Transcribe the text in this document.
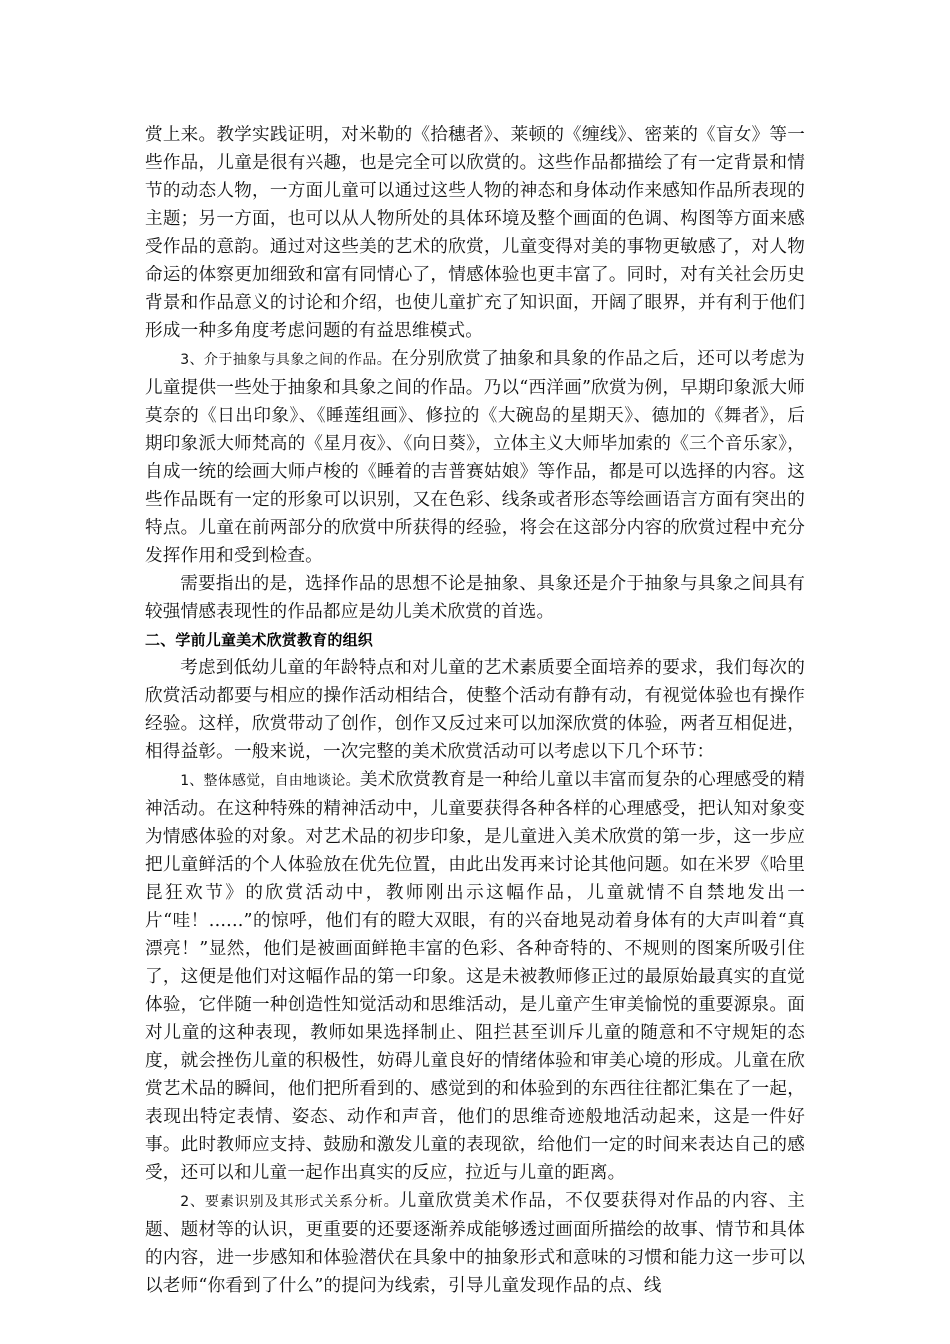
赏上来。教学实践证明，对米勒的《拾穗者》、莱顿的《缠线》、密莱的《盲女》等一些作品，儿童是很有兴趣，也是完全可以欣赏的。这些作品都描绘了有一定背景和情节的动态人物，一方面儿童可以通过这些人物的神态和身体动作来感知作品所表现的主题；另一方面，也可以从人物所处的具体环境及整个画面的色调、构图等方面来感受作品的意韵。通过对这些美的艺术的欣赏，儿童变得对美的事物更敏感了，对人物命运的体察更加细致和富有同情心了，情感体验也更丰富了。同时，对有关社会历史背景和作品意义的讨论和介绍，也使儿童扩充了知识面，开阔了眼界，并有利于他们形成一种多角度考虑问题的有益思维模式。

3、介于抽象与具象之间的作品。在分别欣赏了抽象和具象的作品之后，还可以考虑为儿童提供一些处于抽象和具象之间的作品。乃以“西洋画”欣赏为例，早期印象派大师莫奈的《日出印象》、《睡莲组画》、修拉的《大碗岛的星期天》、德加的《舞者》，后期印象派大师梵高的《星月夜》、《向日葵》，立体主义大师毕加索的《三个音乐家》，自成一统的绘画大师卢梭的《睡着的吉普赛姑娘》等作品，都是可以选择的内容。这些作品既有一定的形象可以识别，又在色彩、线条或者形态等绘画语言方面有突出的特点。儿童在前两部分的欣赏中所获得的经验，将会在这部分内容的欣赏过程中充分发挥作用和受到检查。

需要指出的是，选择作品的思想不论是抽象、具象还是介于抽象与具象之间具有较强情感表现性的作品都应是幼儿美术欣赏的首选。

二、学前儿童美术欣赏教育的组织

考虑到低幼儿童的年龄特点和对儿童的艺术素质要全面培养的要求，我们每次的欣赏活动都要与相应的操作活动相结合，使整个活动有静有动，有视觉体验也有操作经验。这样，欣赏带动了创作，创作又反过来可以加深欣赏的体验，两者互相促进，相得益彰。一般来说，一次完整的美术欣赏活动可以考虑以下几个环节：

1、整体感觉，自由地谈论。美术欣赏教育是一种给儿童以丰富而复杂的心理感受的精神活动。在这种特殊的精神活动中，儿童要获得各种各样的心理感受，把认知对象变为情感体验的对象。对艺术品的初步印象，是儿童进入美术欣赏的第一步，这一步应把儿童鲜活的个人体验放在优先位置，由此出发再来讨论其他问题。如在米罗《哈里昆狂欢节》的欣赏活动中，教师刚出示这幅作品，儿童就情不自禁地发出一片“哇！......”的惊呼，他们有的瞪大双眼，有的兴奋地晃动着身体有的大声叫着“真漂亮！”显然，他们是被画面鲜艳丰富的色彩、各种奇特的、不规则的图案所吸引住了，这便是他们对这幅作品的第一印象。这是未被教师修正过的最原始最真实的直觉体验，它伴随一种创造性知觉活动和思维活动，是儿童产生审美愉悦的重要源泉。面对儿童的这种表现，教师如果选择制止、阻拦甚至训斥儿童的随意和不守规矩的态度，就会挫伤儿童的积极性，妨碍儿童良好的情绪体验和审美心境的形成。儿童在欣赏艺术品的瞬间，他们把所看到的、感觉到的和体验到的东西往往都汇集在了一起，表现出特定表情、姿态、动作和声音，他们的思维奇迹般地活动起来，这是一件好事。此时教师应支持、鼓励和激发儿童的表现欲，给他们一定的时间来表达自己的感受，还可以和儿童一起作出真实的反应，拉近与儿童的距离。

2、要素识别及其形式关系分析。儿童欣赏美术作品，不仅要获得对作品的内容、主题、题材等的认识，更重要的还要逐渐养成能够透过画面所描绘的故事、情节和具体的内容，进一步感知和体验潜伏在具象中的抽象形式和意味的习惯和能力这一步可以以老师“你看到了什么”的提问为线索，引导儿童发现作品的点、线
